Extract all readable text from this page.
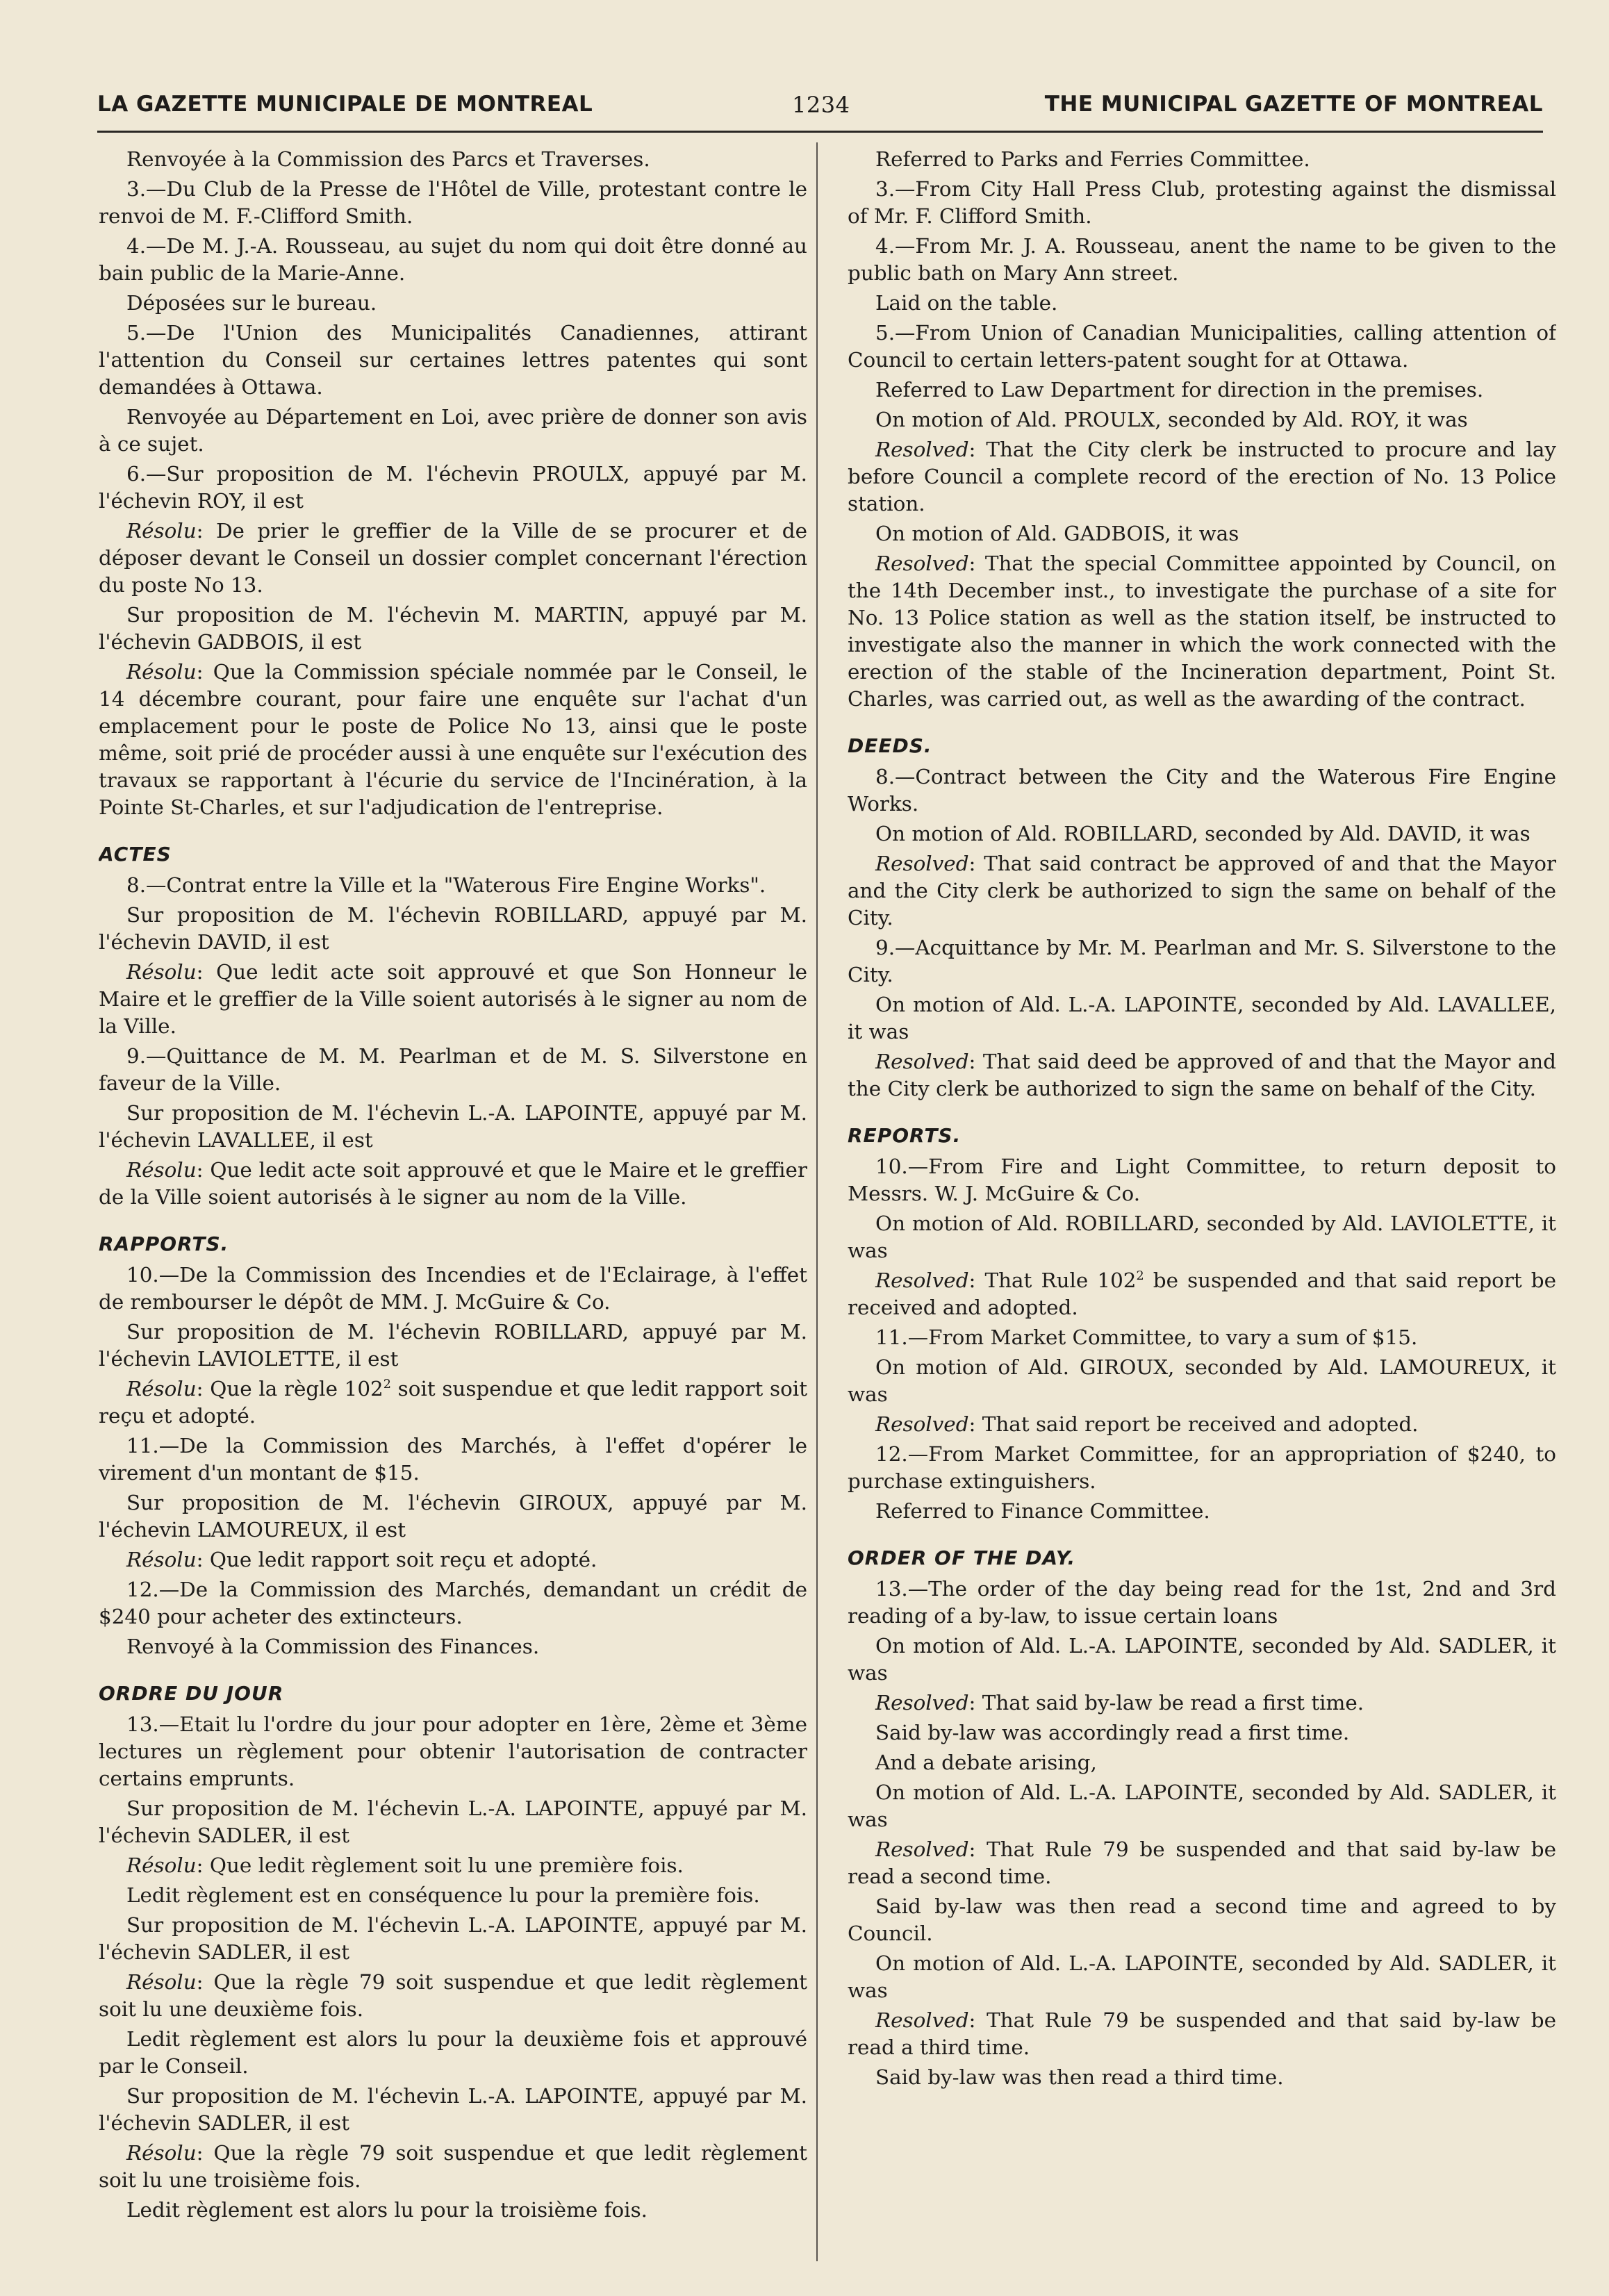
LA GAZETTE MUNICIPALE DE MONTREAL	1234	THE MUNICIPAL GAZETTE OF MONTREAL
Renvoyée à la Commission des Parcs et Traverses.
3.—Du Club de la Presse de l'Hôtel de Ville, protestant contre le renvoi de M. F.-Clifford Smith.
4.—De M. J.-A. Rousseau, au sujet du nom qui doit être donné au bain public de la Marie-Anne.
Déposées sur le bureau.
5.—De l'Union des Municipalités Canadiennes, attirant l'attention du Conseil sur certaines lettres patentes qui sont demandées à Ottawa.
Renvoyée au Département en Loi, avec prière de donner son avis à ce sujet.
6.—Sur proposition de M. l'échevin PROULX, appuyé par M. l'échevin ROY, il est
Résolu: De prier le greffier de la Ville de se procurer et de déposer devant le Conseil un dossier complet concernant l'érection du poste No 13.
Sur proposition de M. l'échevin M. MARTIN, appuyé par M. l'échevin GADBOIS, il est
Résolu: Que la Commission spéciale nommée par le Conseil, le 14 décembre courant, pour faire une enquête sur l'achat d'un emplacement pour le poste de Police No 13, ainsi que le poste même, soit prié de procéder aussi à une enquête sur l'exécution des travaux se rapportant à l'écurie du service de l'Incinération, à la Pointe St-Charles, et sur l'adjudication de l'entreprise.
ACTES
8.—Contrat entre la Ville et la "Waterous Fire Engine Works".
Sur proposition de M. l'échevin ROBILLARD, appuyé par M. l'échevin DAVID, il est
Résolu: Que ledit acte soit approuvé et que Son Honneur le Maire et le greffier de la Ville soient autorisés à le signer au nom de la Ville.
9.—Quittance de M. M. Pearlman et de M. S. Silverstone en faveur de la Ville.
Sur proposition de M. l'échevin L.-A. LAPOINTE, appuyé par M. l'échevin LAVALLEE, il est
Résolu: Que ledit acte soit approuvé et que le Maire et le greffier de la Ville soient autorisés à le signer au nom de la Ville.
RAPPORTS.
10.—De la Commission des Incendies et de l'Eclairage, à l'effet de rembourser le dépôt de MM. J. McGuire & Co.
Sur proposition de M. l'échevin ROBILLARD, appuyé par M. l'échevin LAVIOLETTE, il est
Résolu: Que la règle $102^2$ soit suspendue et que ledit rapport soit reçu et adopté.
11.—De la Commission des Marchés, à l'effet d'opérer le virement d'un montant de $15.
Sur proposition de M. l'échevin GIROUX, appuyé par M. l'échevin LAMOUREUX, il est
Résolu: Que ledit rapport soit reçu et adopté.
12.—De la Commission des Marchés, demandant un crédit de $240 pour acheter des extincteurs.
Renvoyé à la Commission des Finances.
ORDRE DU JOUR
13.—Etait lu l'ordre du jour pour adopter en 1ère, 2ème et 3ème lectures un règlement pour obtenir l'autorisation de contracter certains emprunts.
Sur proposition de M. l'échevin L.-A. LAPOINTE, appuyé par M. l'échevin SADLER, il est
Résolu: Que ledit règlement soit lu une première fois.
Ledit règlement est en conséquence lu pour la première fois.
Sur proposition de M. l'échevin L.-A. LAPOINTE, appuyé par M. l'échevin SADLER, il est
Résolu: Que la règle 79 soit suspendue et que ledit règlement soit lu une deuxième fois.
Ledit règlement est alors lu pour la deuxième fois et approuvé par le Conseil.
Sur proposition de M. l'échevin L.-A. LAPOINTE, appuyé par M. l'échevin SADLER, il est
Résolu: Que la règle 79 soit suspendue et que ledit règlement soit lu une troisième fois.
Ledit règlement est alors lu pour la troisième fois.
Referred to Parks and Ferries Committee.
3.—From City Hall Press Club, protesting against the dismissal of Mr. F. Clifford Smith.
4.—From Mr. J. A. Rousseau, anent the name to be given to the public bath on Mary Ann street.
Laid on the table.
5.—From Union of Canadian Municipalities, calling attention of Council to certain letters-patent sought for at Ottawa.
Referred to Law Department for direction in the premises.
On motion of Ald. PROULX, seconded by Ald. ROY, it was
Resolved: That the City clerk be instructed to procure and lay before Council a complete record of the erection of No. 13 Police station.
On motion of Ald. GADBOIS, it was
Resolved: That the special Committee appointed by Council, on the 14th December inst., to investigate the purchase of a site for No. 13 Police station as well as the station itself, be instructed to investigate also the manner in which the work connected with the erection of the stable of the Incineration department, Point St. Charles, was carried out, as well as the awarding of the contract.
DEEDS.
8.—Contract between the City and the Waterous Fire Engine Works.
On motion of Ald. ROBILLARD, seconded by Ald. DAVID, it was
Resolved: That said contract be approved of and that the Mayor and the City clerk be authorized to sign the same on behalf of the City.
9.—Acquittance by Mr. M. Pearlman and Mr. S. Silverstone to the City.
On motion of Ald. L.-A. LAPOINTE, seconded by Ald. LAVALLEE, it was
Resolved: That said deed be approved of and that the Mayor and the City clerk be authorized to sign the same on behalf of the City.
REPORTS.
10.—From Fire and Light Committee, to return deposit to Messrs. W. J. McGuire & Co.
On motion of Ald. ROBILLARD, seconded by Ald. LAVIOLETTE, it was
Resolved: That Rule $102^2$ be suspended and that said report be received and adopted.
11.—From Market Committee, to vary a sum of $15.
On motion of Ald. GIROUX, seconded by Ald. LAMOUREUX, it was
Resolved: That said report be received and adopted.
12.—From Market Committee, for an appropriation of $240, to purchase extinguishers.
Referred to Finance Committee.
ORDER OF THE DAY.
13.—The order of the day being read for the 1st, 2nd and 3rd reading of a by-law, to issue certain loans
On motion of Ald. L.-A. LAPOINTE, seconded by Ald. SADLER, it was
Resolved: That said by-law be read a first time.
Said by-law was accordingly read a first time.
And a debate arising,
On motion of Ald. L.-A. LAPOINTE, seconded by Ald. SADLER, it was
Resolved: That Rule 79 be suspended and that said by-law be read a second time.
Said by-law was then read a second time and agreed to by Council.
On motion of Ald. L.-A. LAPOINTE, seconded by Ald. SADLER, it was
Resolved: That Rule 79 be suspended and that said by-law be read a third time.
Said by-law was then read a third time.
